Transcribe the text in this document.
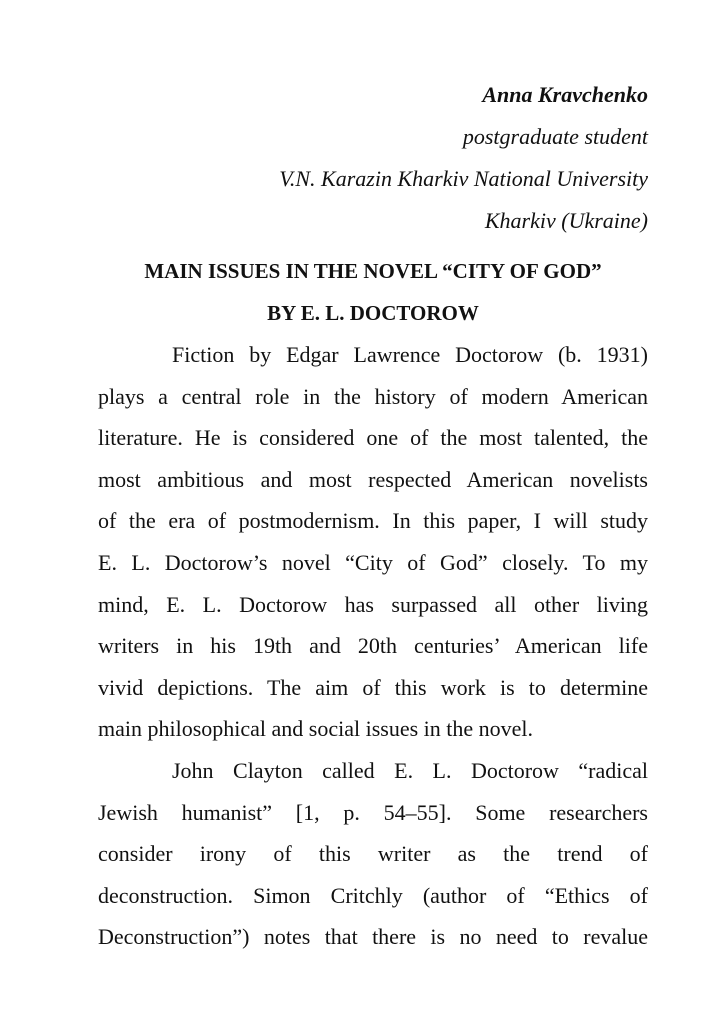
Anna Kravchenko
postgraduate student
V.N. Karazin Kharkiv National University
Kharkiv (Ukraine)
MAIN ISSUES IN THE NOVEL “CITY OF GOD”
BY E. L. DOCTOROW
Fiction by Edgar Lawrence Doctorow (b. 1931)
plays a central role in the history of modern American
literature. He is considered one of the most talented, the
most ambitious and most respected American novelists
of the era of postmodernism. In this paper, I will study
E. L. Doctorow’s novel “City of God” closely. To my
mind, E. L. Doctorow has surpassed all other living
writers in his 19th and 20th centuries’ American life
vivid depictions. The aim of this work is to determine
main philosophical and social issues in the novel.
John Clayton called E. L. Doctorow “radical
Jewish humanist” [1, p. 54–55]. Some researchers
consider irony of this writer as the trend of
deconstruction. Simon Critchly (author of “Ethics of
Deconstruction”) notes that there is no need to revalue
